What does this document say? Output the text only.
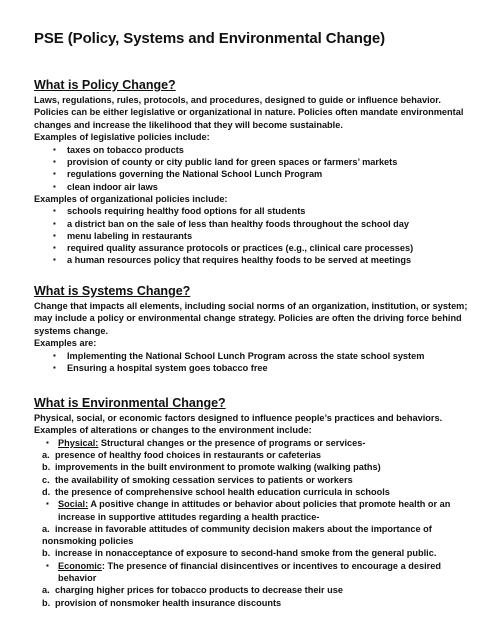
PSE (Policy, Systems and Environmental Change)
What is Policy Change?

Laws, regulations, rules, protocols, and procedures, designed to guide or influence behavior. Policies can be either legislative or organizational in nature. Policies often mandate environmental changes and increase the likelihood that they will become sustainable.

Examples of legislative policies include:

▪ taxes on tobacco products
▪ provision of county or city public land for green spaces or farmers’ markets
▪ regulations governing the National School Lunch Program
▪ clean indoor air laws

Examples of organizational policies include:

▪ schools requiring healthy food options for all students
▪ a district ban on the sale of less than healthy foods throughout the school day
▪ menu labeling in restaurants
▪ required quality assurance protocols or practices (e.g., clinical care processes)
▪ a human resources policy that requires healthy foods to be served at meetings
What is Systems Change?

Change that impacts all elements, including social norms of an organization, institution, or system; may include a policy or environmental change strategy. Policies are often the driving force behind systems change.

Examples are:

▪ Implementing the National School Lunch Program across the state school system
▪ Ensuring a hospital system goes tobacco free
What is Environmental Change?

Physical, social, or economic factors designed to influence people’s practices and behaviors.

Examples of alterations or changes to the environment include:

▪ Physical: Structural changes or the presence of programs or services-

a. presence of healthy food choices in restaurants or cafeterias

b. improvements in the built environment to promote walking (walking paths)

c. the availability of smoking cessation services to patients or workers

d. the presence of comprehensive school health education curricula in schools

▪ Social: A positive change in attitudes or behavior about policies that promote health or an increase in supportive attitudes regarding a health practice-

a. increase in favorable attitudes of community decision makers about the importance of nonsmoking policies

b. increase in nonacceptance of exposure to second-hand smoke from the general public.

▪ Economic: The presence of financial disincentives or incentives to encourage a desired behavior

a. charging higher prices for tobacco products to decrease their use

b. provision of nonsmoker health insurance discounts
